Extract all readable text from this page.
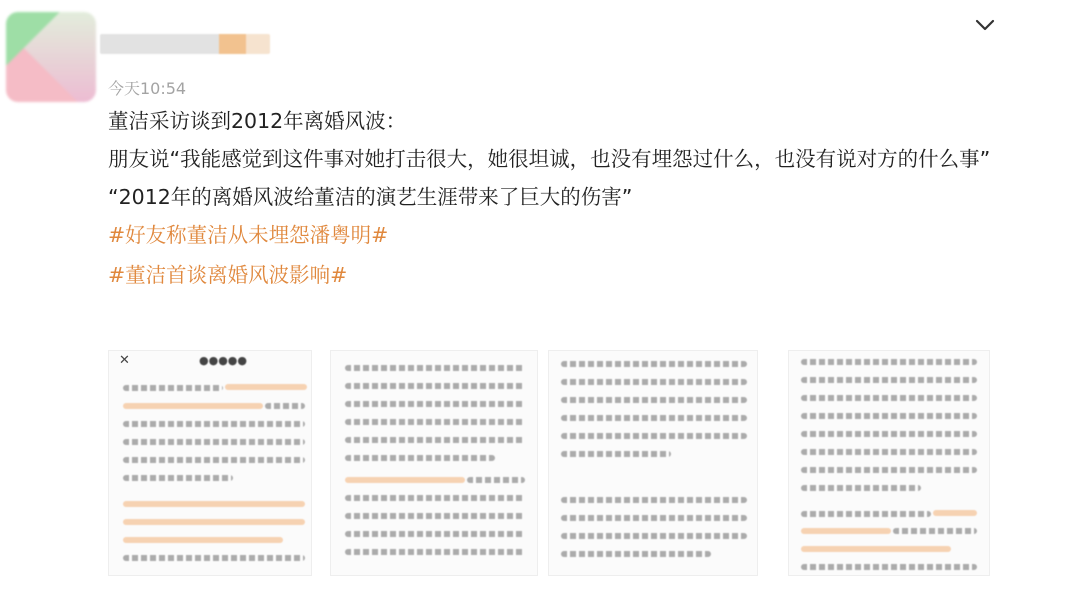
今天10:54

董洁采访谈到2012年离婚风波：

朋友说“我能感觉到这件事对她打击很大，她很坦诚，也没有埋怨过什么，也没有说对方的什么事”

“2012年的离婚风波给董洁的演艺生涯带来了巨大的伤害”

#好友称董洁从未埋怨潘粤明#
#董洁首谈离婚风波影响#
✕	●●●●●
